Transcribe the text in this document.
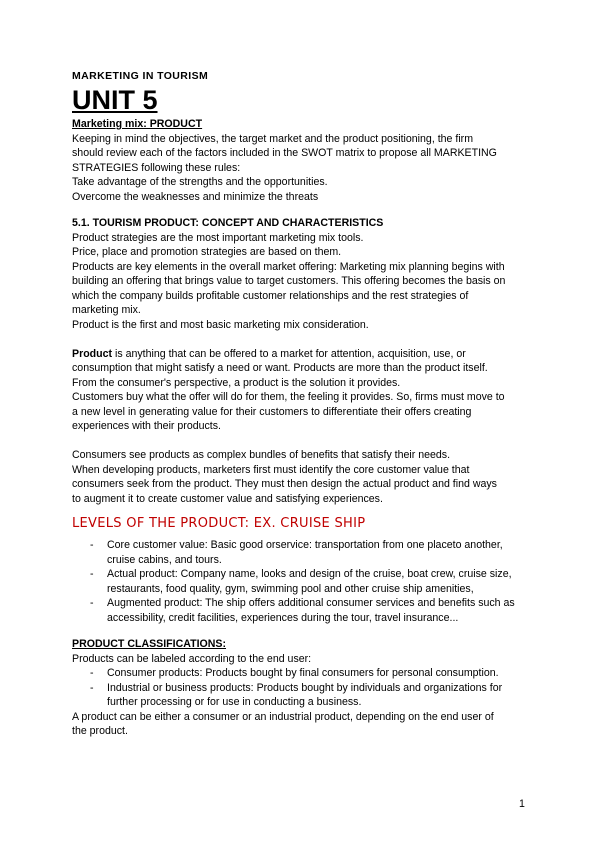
MARKETING IN TOURISM

UNIT 5

Marketing mix: PRODUCT

Keeping in mind the objectives, the target market and the product positioning, the firm

should review each of the factors included in the SWOT matrix to propose all MARKETING

STRATEGIES following these rules:

Take advantage of the strengths and the opportunities.

Overcome the weaknesses and minimize the threats

5.1. TOURISM PRODUCT: CONCEPT AND CHARACTERISTICS

Product strategies are the most important marketing mix tools.

Price, place and promotion strategies are based on them.

Products are key elements in the overall market offering: Marketing mix planning begins with

building an offering that brings value to target customers. This offering becomes the basis on

which the company builds profitable customer relationships and the rest strategies of

marketing mix.

Product is the first and most basic marketing mix consideration.

Product is anything that can be offered to a market for attention, acquisition, use, or

consumption that might satisfy a need or want. Products are more than the product itself.

From the consumer's perspective, a product is the solution it provides.

Customers buy what the offer will do for them, the feeling it provides. So, firms must move to

a new level in generating value for their customers to differentiate their offers creating

experiences with their products.

Consumers see products as complex bundles of benefits that satisfy their needs.

When developing products, marketers first must identify the core customer value that

consumers seek from the product. They must then design the actual product and find ways

to augment it to create customer value and satisfying experiences.

LEVELS OF THE PRODUCT: EX. CRUISE SHIP

- Core customer value: Basic good orservice: transportation from one placeto another, cruise cabins, and tours.
- Actual product: Company name, looks and design of the cruise, boat crew, cruise size, restaurants, food quality, gym, swimming pool and other cruise ship amenities,
- Augmented product: The ship offers additional consumer services and benefits such as accessibility, credit facilities, experiences during the tour, travel insurance...

PRODUCT CLASSIFICATIONS:

Products can be labeled according to the end user:

- Consumer products: Products bought by final consumers for personal consumption.
- Industrial or business products: Products bought by individuals and organizations for further processing or for use in conducting a business.

A product can be either a consumer or an industrial product, depending on the end user of

the product.

1
